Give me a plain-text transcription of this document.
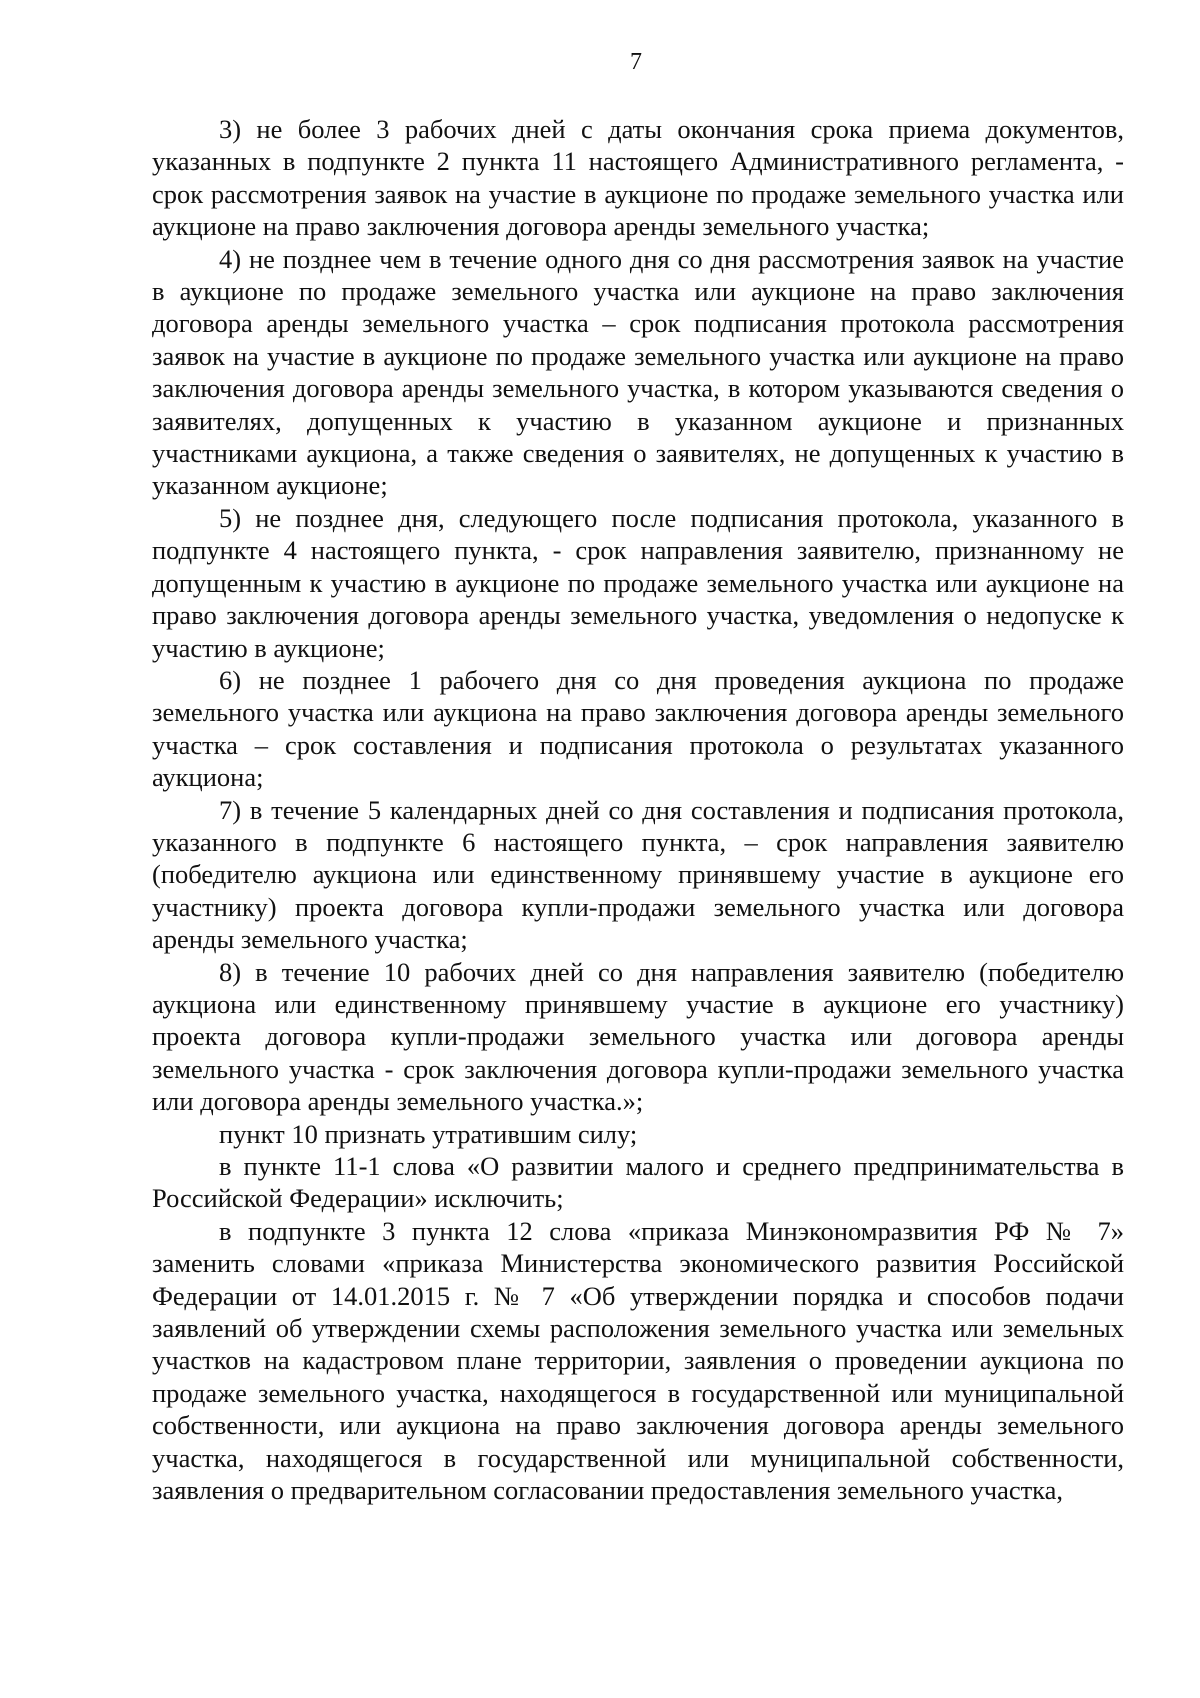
7

3) не более 3 рабочих дней с даты окончания срока приема документов, указанных в подпункте 2 пункта 11 настоящего Административного регламента, - срок рассмотрения заявок на участие в аукционе по продаже земельного участка или аукционе на право заключения договора аренды земельного участка;

4) не позднее чем в течение одного дня со дня рассмотрения заявок на участие в аукционе по продаже земельного участка или аукционе на право заключения договора аренды земельного участка – срок подписания протокола рассмотрения заявок на участие в аукционе по продаже земельного участка или аукционе на право заключения договора аренды земельного участка, в котором указываются сведения о заявителях, допущенных к участию в указанном аукционе и признанных участниками аукциона, а также сведения о заявителях, не допущенных к участию в указанном аукционе;

5) не позднее дня, следующего после подписания протокола, указанного в подпункте 4 настоящего пункта, - срок направления заявителю, признанному не допущенным к участию в аукционе по продаже земельного участка или аукционе на право заключения договора аренды земельного участка, уведомления о недопуске к участию в аукционе;

6) не позднее 1 рабочего дня со дня проведения аукциона по продаже земельного участка или аукциона на право заключения договора аренды земельного участка – срок составления и подписания протокола о результатах указанного аукциона;

7) в течение 5 календарных дней со дня составления и подписания протокола, указанного в подпункте 6 настоящего пункта, – срок направления заявителю (победителю аукциона или единственному принявшему участие в аукционе его участнику) проекта договора купли-продажи земельного участка или договора аренды земельного участка;

8) в течение 10 рабочих дней со дня направления заявителю (победителю аукциона или единственному принявшему участие в аукционе его участнику) проекта договора купли-продажи земельного участка или договора аренды земельного участка - срок заключения договора купли-продажи земельного участка или договора аренды земельного участка.»;

пункт 10 признать утратившим силу;

в пункте 11-1 слова «О развитии малого и среднего предпринимательства в Российской Федерации» исключить;

в подпункте 3 пункта 12 слова «приказа Минэкономразвития РФ № 7» заменить словами «приказа Министерства экономического развития Российской Федерации от 14.01.2015 г. № 7 «Об утверждении порядка и способов подачи заявлений об утверждении схемы расположения земельного участка или земельных участков на кадастровом плане территории, заявления о проведении аукциона по продаже земельного участка, находящегося в государственной или муниципальной собственности, или аукциона на право заключения договора аренды земельного участка, находящегося в государственной или муниципальной собственности, заявления о предварительном согласовании предоставления земельного участка,
